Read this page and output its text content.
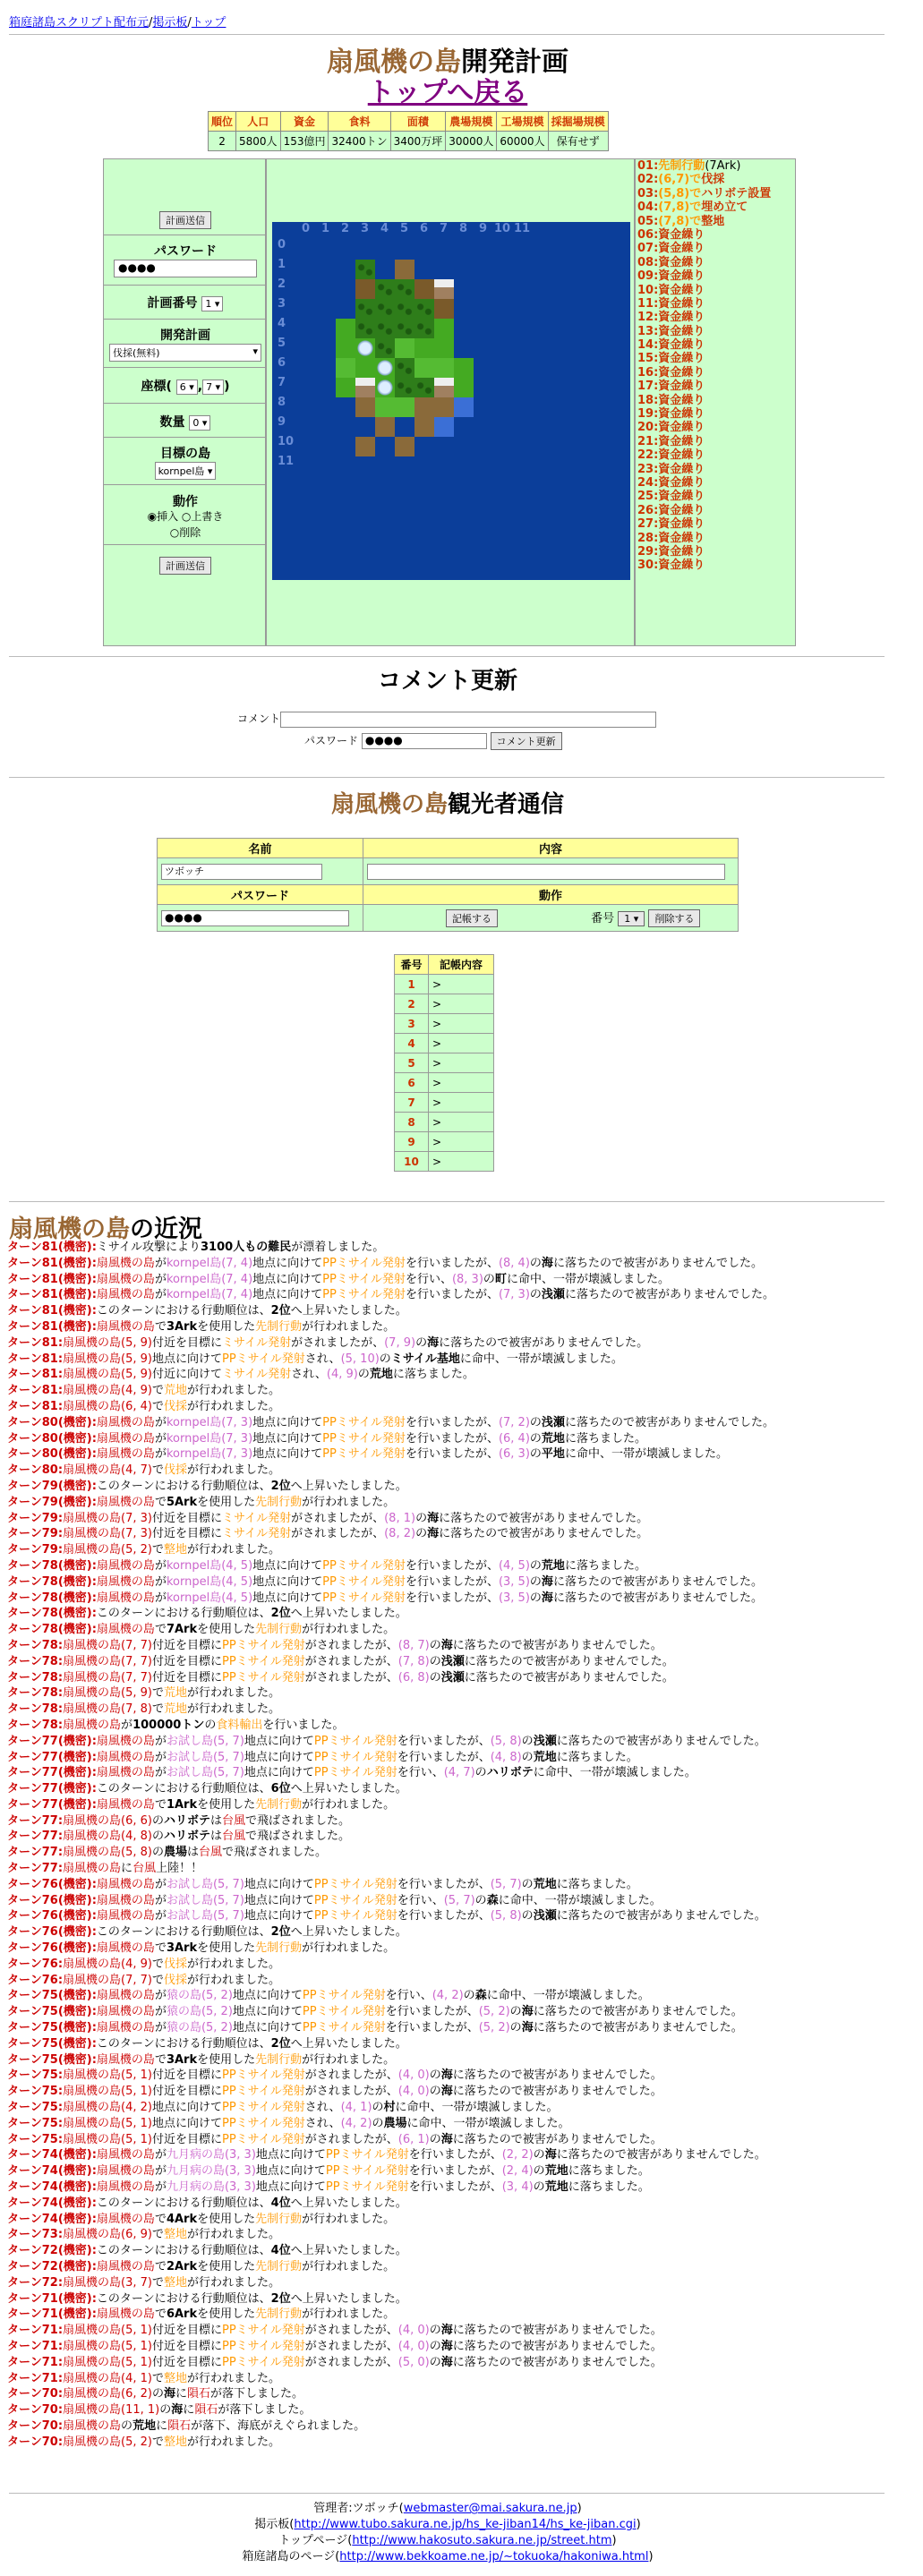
箱庭諸島スクリプト配布元/掲示板/トップ
扇風機の島開発計画
トップへ戻る
順位	人口	資金	食料	面積	農場規模	工場規模	採掘場規模
2	5800人	153億円	32400トン	3400万坪	30000人	60000人	保有せず
計画送信
パスワード
●●●●
計画番号 1 ▾
開発計画
伐採(無料)	▾
座標( 6 ▾ , 7 ▾ )
数量 0 ▾
目標の島
kornpel島 ▾
動作
◉挿入 ○上書き
○削除
計画送信
0 1 2 3 4 5 6 7 8 9 10 11
0
1
2
3
4
5
6
7
8
9
10
11
01:先制行動(7Ark)
02:(6,7)で伐採
03:(5,8)でハリボテ設置
04:(7,8)で埋め立て
05:(7,8)で整地
06:資金繰り
07:資金繰り
08:資金繰り
09:資金繰り
10:資金繰り
11:資金繰り
12:資金繰り
13:資金繰り
14:資金繰り
15:資金繰り
16:資金繰り
17:資金繰り
18:資金繰り
19:資金繰り
20:資金繰り
21:資金繰り
22:資金繰り
23:資金繰り
24:資金繰り
25:資金繰り
26:資金繰り
27:資金繰り
28:資金繰り
29:資金繰り
30:資金繰り
コメント更新
コメント
パスワード ●●●●	コメント更新
扇風機の島観光者通信
名前	内容
ツボッチ	
パスワード	動作
●●●●	記帳する 番号 1 ▾ 削除する
番号	記帳内容
1	>
2	>
3	>
4	>
5	>
6	>
7	>
8	>
9	>
10	>
扇風機の島の近況
ターン81(機密):ミサイル攻撃により3100人もの難民が漂着しました。
ターン81(機密):扇風機の島がkornpel島(7, 4)地点に向けてPPミサイル発射を行いましたが、(8, 4)の海に落ちたので被害がありませんでした。
ターン81(機密):扇風機の島がkornpel島(7, 4)地点に向けてPPミサイル発射を行い、(8, 3)の町に命中、一帯が壊滅しました。
ターン81(機密):扇風機の島がkornpel島(7, 4)地点に向けてPPミサイル発射を行いましたが、(7, 3)の浅瀬に落ちたので被害がありませんでした。
ターン81(機密):このターンにおける行動順位は、2位へ上昇いたしました。
ターン81(機密):扇風機の島で3Arkを使用した先制行動が行われました。
ターン81:扇風機の島(5, 9)付近を目標にミサイル発射がされましたが、(7, 9)の海に落ちたので被害がありませんでした。
ターン81:扇風機の島(5, 9)地点に向けてPPミサイル発射され、(5, 10)のミサイル基地に命中、一帯が壊滅しました。
ターン81:扇風機の島(5, 9)付近に向けてミサイル発射され、(4, 9)の荒地に落ちました。
ターン81:扇風機の島(4, 9)で荒地が行われました。
ターン81:扇風機の島(6, 4)で伐採が行われました。
ターン80(機密):扇風機の島がkornpel島(7, 3)地点に向けてPPミサイル発射を行いましたが、(7, 2)の浅瀬に落ちたので被害がありませんでした。
ターン80(機密):扇風機の島がkornpel島(7, 3)地点に向けてPPミサイル発射を行いましたが、(6, 4)の荒地に落ちました。
ターン80(機密):扇風機の島がkornpel島(7, 3)地点に向けてPPミサイル発射を行いましたが、(6, 3)の平地に命中、一帯が壊滅しました。
ターン80:扇風機の島(4, 7)で伐採が行われました。
ターン79(機密):このターンにおける行動順位は、2位へ上昇いたしました。
ターン79(機密):扇風機の島で5Arkを使用した先制行動が行われました。
ターン79:扇風機の島(7, 3)付近を目標にミサイル発射がされましたが、(8, 1)の海に落ちたので被害がありませんでした。
ターン79:扇風機の島(7, 3)付近を目標にミサイル発射がされましたが、(8, 2)の海に落ちたので被害がありませんでした。
ターン79:扇風機の島(5, 2)で整地が行われました。
ターン78(機密):扇風機の島がkornpel島(4, 5)地点に向けてPPミサイル発射を行いましたが、(4, 5)の荒地に落ちました。
ターン78(機密):扇風機の島がkornpel島(4, 5)地点に向けてPPミサイル発射を行いましたが、(3, 5)の海に落ちたので被害がありませんでした。
ターン78(機密):扇風機の島がkornpel島(4, 5)地点に向けてPPミサイル発射を行いましたが、(3, 5)の海に落ちたので被害がありませんでした。
ターン78(機密):このターンにおける行動順位は、2位へ上昇いたしました。
ターン78(機密):扇風機の島で7Arkを使用した先制行動が行われました。
ターン78:扇風機の島(7, 7)付近を目標にPPミサイル発射がされましたが、(8, 7)の海に落ちたので被害がありませんでした。
ターン78:扇風機の島(7, 7)付近を目標にPPミサイル発射がされましたが、(7, 8)の浅瀬に落ちたので被害がありませんでした。
ターン78:扇風機の島(7, 7)付近を目標にPPミサイル発射がされましたが、(6, 8)の浅瀬に落ちたので被害がありませんでした。
ターン78:扇風機の島(5, 9)で荒地が行われました。
ターン78:扇風機の島(7, 8)で荒地が行われました。
ターン78:扇風機の島が100000トンの食料輸出を行いました。
ターン77(機密):扇風機の島がお試し島(5, 7)地点に向けてPPミサイル発射を行いましたが、(5, 8)の浅瀬に落ちたので被害がありませんでした。
ターン77(機密):扇風機の島がお試し島(5, 7)地点に向けてPPミサイル発射を行いましたが、(4, 8)の荒地に落ちました。
ターン77(機密):扇風機の島がお試し島(5, 7)地点に向けてPPミサイル発射を行い、(4, 7)のハリボテに命中、一帯が壊滅しました。
ターン77(機密):このターンにおける行動順位は、6位へ上昇いたしました。
ターン77(機密):扇風機の島で1Arkを使用した先制行動が行われました。
ターン77:扇風機の島(6, 6)のハリボテは台風で飛ばされました。
ターン77:扇風機の島(4, 8)のハリボテは台風で飛ばされました。
ターン77:扇風機の島(5, 8)の農場は台風で飛ばされました。
ターン77:扇風機の島に台風上陸！！
ターン76(機密):扇風機の島がお試し島(5, 7)地点に向けてPPミサイル発射を行いましたが、(5, 7)の荒地に落ちました。
ターン76(機密):扇風機の島がお試し島(5, 7)地点に向けてPPミサイル発射を行い、(5, 7)の森に命中、一帯が壊滅しました。
ターン76(機密):扇風機の島がお試し島(5, 7)地点に向けてPPミサイル発射を行いましたが、(5, 8)の浅瀬に落ちたので被害がありませんでした。
ターン76(機密):このターンにおける行動順位は、2位へ上昇いたしました。
ターン76(機密):扇風機の島で3Arkを使用した先制行動が行われました。
ターン76:扇風機の島(4, 9)で伐採が行われました。
ターン76:扇風機の島(7, 7)で伐採が行われました。
ターン75(機密):扇風機の島が猿の島(5, 2)地点に向けてPPミサイル発射を行い、(4, 2)の森に命中、一帯が壊滅しました。
ターン75(機密):扇風機の島が猿の島(5, 2)地点に向けてPPミサイル発射を行いましたが、(5, 2)の海に落ちたので被害がありませんでした。
ターン75(機密):扇風機の島が猿の島(5, 2)地点に向けてPPミサイル発射を行いましたが、(5, 2)の海に落ちたので被害がありませんでした。
ターン75(機密):このターンにおける行動順位は、2位へ上昇いたしました。
ターン75(機密):扇風機の島で3Arkを使用した先制行動が行われました。
ターン75:扇風機の島(5, 1)付近を目標にPPミサイル発射がされましたが、(4, 0)の海に落ちたので被害がありませんでした。
ターン75:扇風機の島(5, 1)付近を目標にPPミサイル発射がされましたが、(4, 0)の海に落ちたので被害がありませんでした。
ターン75:扇風機の島(4, 2)地点に向けてPPミサイル発射され、(4, 1)の村に命中、一帯が壊滅しました。
ターン75:扇風機の島(5, 1)地点に向けてPPミサイル発射され、(4, 2)の農場に命中、一帯が壊滅しました。
ターン75:扇風機の島(5, 1)付近を目標にPPミサイル発射がされましたが、(6, 1)の海に落ちたので被害がありませんでした。
ターン74(機密):扇風機の島が九月病の島(3, 3)地点に向けてPPミサイル発射を行いましたが、(2, 2)の海に落ちたので被害がありませんでした。
ターン74(機密):扇風機の島が九月病の島(3, 3)地点に向けてPPミサイル発射を行いましたが、(2, 4)の荒地に落ちました。
ターン74(機密):扇風機の島が九月病の島(3, 3)地点に向けてPPミサイル発射を行いましたが、(3, 4)の荒地に落ちました。
ターン74(機密):このターンにおける行動順位は、4位へ上昇いたしました。
ターン74(機密):扇風機の島で4Arkを使用した先制行動が行われました。
ターン73:扇風機の島(6, 9)で整地が行われました。
ターン72(機密):このターンにおける行動順位は、4位へ上昇いたしました。
ターン72(機密):扇風機の島で2Arkを使用した先制行動が行われました。
ターン72:扇風機の島(3, 7)で整地が行われました。
ターン71(機密):このターンにおける行動順位は、2位へ上昇いたしました。
ターン71(機密):扇風機の島で6Arkを使用した先制行動が行われました。
ターン71:扇風機の島(5, 1)付近を目標にPPミサイル発射がされましたが、(4, 0)の海に落ちたので被害がありませんでした。
ターン71:扇風機の島(5, 1)付近を目標にPPミサイル発射がされましたが、(4, 0)の海に落ちたので被害がありませんでした。
ターン71:扇風機の島(5, 1)付近を目標にPPミサイル発射がされましたが、(5, 0)の海に落ちたので被害がありませんでした。
ターン71:扇風機の島(4, 1)で整地が行われました。
ターン70:扇風機の島(6, 2)の海に隕石が落下しました。
ターン70:扇風機の島(11, 1)の海に隕石が落下しました。
ターン70:扇風機の島の荒地に隕石が落下、海底がえぐられました。
ターン70:扇風機の島(5, 2)で整地が行われました。
管理者:ツボッチ(webmaster@mai.sakura.ne.jp)
掲示板(http://www.tubo.sakura.ne.jp/hs_ke-jiban14/hs_ke-jiban.cgi)
トップページ(http://www.hakosuto.sakura.ne.jp/street.htm)
箱庭諸島のページ(http://www.bekkoame.ne.jp/~tokuoka/hakoniwa.html)
